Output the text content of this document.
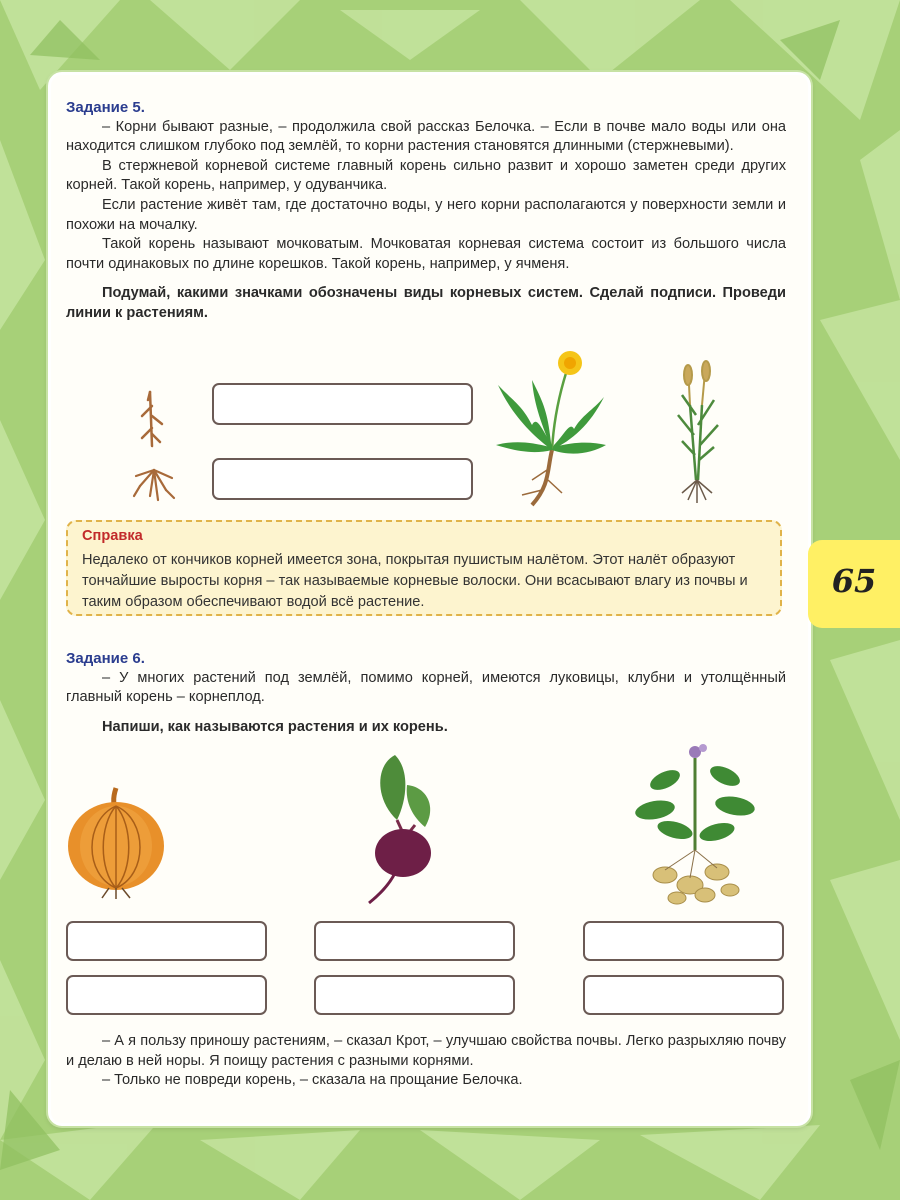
Задание 5.

– Корни бывают разные, – продолжила свой рассказ Белочка. – Если в почве мало воды или она находится слишком глубоко под землёй, то корни растения становятся длинными (стержневыми).

В стержневой корневой системе главный корень сильно развит и хорошо заметен среди других корней. Такой корень, например, у одуванчика.

Если растение живёт там, где достаточно воды, у него корни располагаются у поверхности земли и похожи на мочалку.

Такой корень называют мочковатым. Мочковатая корневая система состоит из большого числа почти одинаковых по длине корешков. Такой корень, например, у ячменя.

Подумай, какими значками обозначены виды корневых систем. Сделай подписи. Проведи линии к растениям.

Справка
Недалеко от кончиков корней имеется зона, покрытая пушистым налётом. Этот налёт образуют тончайшие выросты корня – так называемые корневые волоски. Они всасывают влагу из почвы и таким образом обеспечивают водой всё растение.
65
Задание 6.

– У многих растений под землёй, помимо корней, имеются луковицы, клубни и утолщённый главный корень – корнеплод.

Напиши, как называются растения и их корень.

– А я пользу приношу растениям, – сказал Крот, – улучшаю свойства почвы. Легко разрыхляю почву и делаю в ней норы. Я поищу растения с разными корнями.

– Только не повреди корень, – сказала на прощание Белочка.
